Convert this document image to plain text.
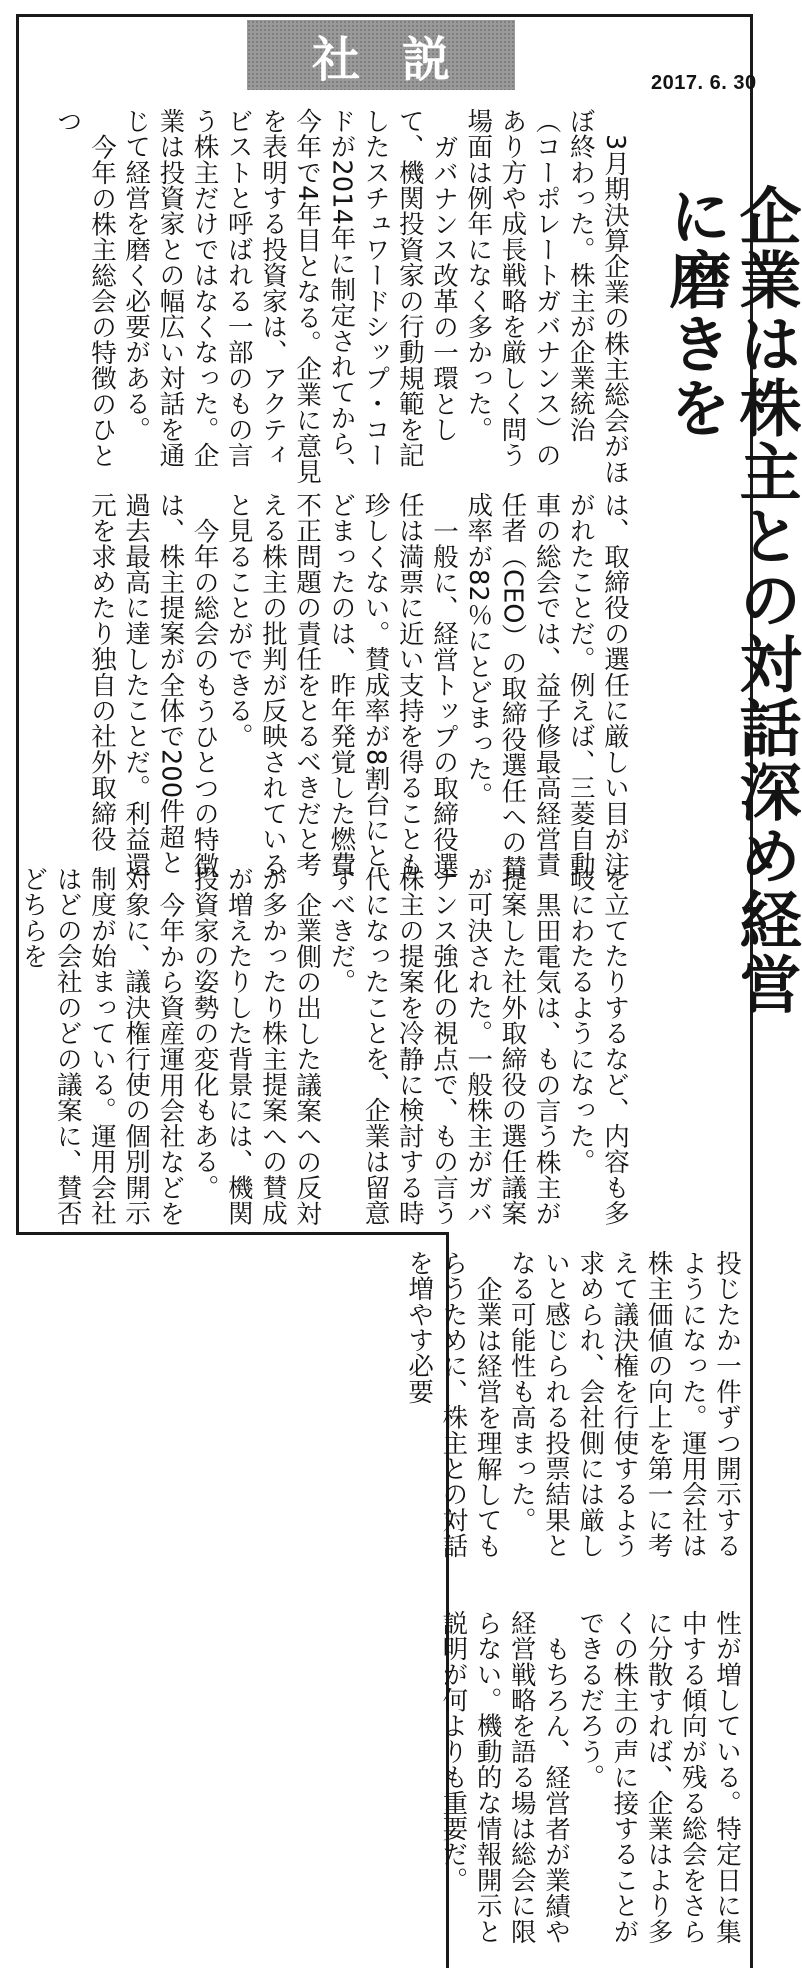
社説	2017. 6. 30
企業は株主との対話深め経営に磨きを

3月期決算企業の株主総会がほぼ終わった。株主が企業統治（コーポレートガバナンス）のあり方や成長戦略を厳しく問う場面は例年になく多かった。

ガバナンス改革の一環として、機関投資家の行動規範を記したスチュワードシップ・コードが2014年に制定されてから、今年で4年目となる。企業に意見を表明する投資家は、アクティビストと呼ばれる一部のもの言う株主だけではなくなった。企業は投資家との幅広い対話を通じて経営を磨く必要がある。

今年の株主総会の特徴のひとつ

は、取締役の選任に厳しい目が注がれたことだ。例えば、三菱自動車の総会では、益子修最高経営責任者（CEO）の取締役選任への賛成率が82％にとどまった。

一般に、経営トップの取締役選任は満票に近い支持を得ることも珍しくない。賛成率が8割台にとどまったのは、昨年発覚した燃費不正問題の責任をとるべきだと考える株主の批判が反映されていると見ることができる。

今年の総会のもうひとつの特徴は、株主提案が全体で200件超と過去最高に達したことだ。利益還元を求めたり独自の社外取締役

を立てたりするなど、内容も多岐にわたるようになった。

黒田電気は、もの言う株主が提案した社外取締役の選任議案が可決された。一般株主がガバナンス強化の視点で、もの言う株主の提案を冷静に検討する時代になったことを、企業は留意すべきだ。

企業側の出した議案への反対が多かったり株主提案への賛成が増えたりした背景には、機関投資家の姿勢の変化もある。

今年から資産運用会社などを対象に、議決権行使の個別開示制度が始まっている。運用会社はどの会社のどの議案に、賛否どちらを

投じたか一件ずつ開示するようになった。運用会社は株主価値の向上を第一に考えて議決権を行使するよう求められ、会社側には厳しいと感じられる投票結果となる可能性も高まった。

企業は経営を理解してもらうために、株主との対話を増やす必要

性が増している。特定日に集中する傾向が残る総会をさらに分散すれば、企業はより多くの株主の声に接することができるだろう。

もちろん、経営者が業績や経営戦略を語る場は総会に限らない。機動的な情報開示と説明が何よりも重要だ。
